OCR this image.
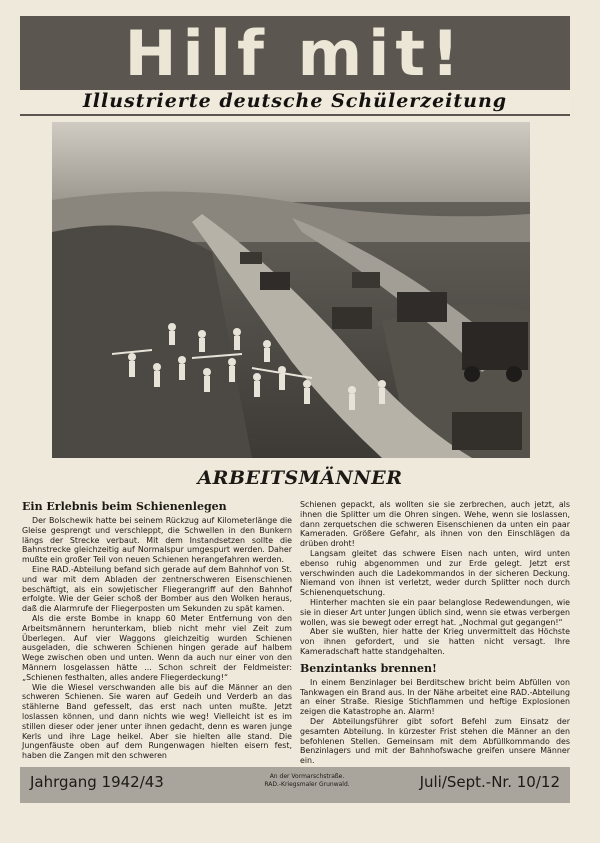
Hilf mit!
Illustrierte deutsche Schülerzeitung
ARBEITSMÄNNER
Ein Erlebnis beim Schienenlegen

Der Bolschewik hatte bei seinem Rückzug auf Kilometerlänge die Gleise gesprengt und verschleppt, die Schwellen in den Bunkern längs der Strecke verbaut. Mit dem Instandsetzen sollte die Bahnstrecke gleichzeitig auf Normalspur umgespurt werden. Daher mußte ein großer Teil von neuen Schienen herangefahren werden.

Eine RAD.-Abteilung befand sich gerade auf dem Bahnhof von St. und war mit dem Abladen der zentnerschweren Eisenschienen beschäftigt, als ein sowjetischer Fliegerangriff auf den Bahnhof erfolgte. Wie der Geier schoß der Bomber aus den Wolken heraus, daß die Alarmrufe der Fliegerposten um Sekunden zu spät kamen.

Als die erste Bombe in knapp 60 Meter Entfernung von den Arbeitsmännern herunterkam, blieb nicht mehr viel Zeit zum Überlegen. Auf vier Waggons gleichzeitig wurden Schienen ausgeladen, die schweren Schienen hingen gerade auf halbem Wege zwischen oben und unten. Wenn da auch nur einer von den Männern losgelassen hätte ... Schon schreit der Feldmeister: „Schienen festhalten, alles andere Fliegerdeckung!“

Wie die Wiesel verschwanden alle bis auf die Männer an den schweren Schienen. Sie waren auf Gedeih und Verderb an das stählerne Band gefesselt, das erst nach unten mußte. Jetzt loslassen können, und dann nichts wie weg! Vielleicht ist es im stillen dieser oder jener unter ihnen gedacht, denn es waren junge Kerls und ihre Lage heikel. Aber sie hielten alle stand. Die Jungenfäuste oben auf dem Rungenwagen hielten eisern fest, haben die Zangen mit den schweren

Schienen gepackt, als wollten sie sie zerbrechen, auch jetzt, als ihnen die Splitter um die Ohren singen. Wehe, wenn sie loslassen, dann zerquetschen die schweren Eisenschienen da unten ein paar Kameraden. Größere Gefahr, als ihnen von den Einschlägen da drüben droht!

Langsam gleitet das schwere Eisen nach unten, wird unten ebenso ruhig abgenommen und zur Erde gelegt. Jetzt erst verschwinden auch die Ladekommandos in der sicheren Deckung. Niemand von ihnen ist verletzt, weder durch Splitter noch durch Schienenquetschung.

Hinterher machten sie ein paar belanglose Redewendungen, wie sie in dieser Art unter Jungen üblich sind, wenn sie etwas verbergen wollen, was sie bewegt oder erregt hat. „Nochmal gut gegangen!“

Aber sie wußten, hier hatte der Krieg unvermittelt das Höchste von ihnen gefordert, und sie hatten nicht versagt. Ihre Kameradschaft hatte standgehalten.

Benzintanks brennen!

In einem Benzinlager bei Berditschew bricht beim Abfüllen von Tankwagen ein Brand aus. In der Nähe arbeitet eine RAD.-Abteilung an einer Straße. Riesige Stichflammen und heftige Explosionen zeigen die Katastrophe an. Alarm!

Der Abteilungsführer gibt sofort Befehl zum Einsatz der gesamten Abteilung. In kürzester Frist stehen die Männer an den befohlenen Stellen. Gemeinsam mit dem Abfüllkommando des Benzinlagers und mit der Bahnhofswache greifen unsere Männer ein.

Jahrgang 1942/43	An der Vormarschstraße.
RAD.-Kriegsmaler Grunwald.	Juli/Sept.-Nr. 10/12
